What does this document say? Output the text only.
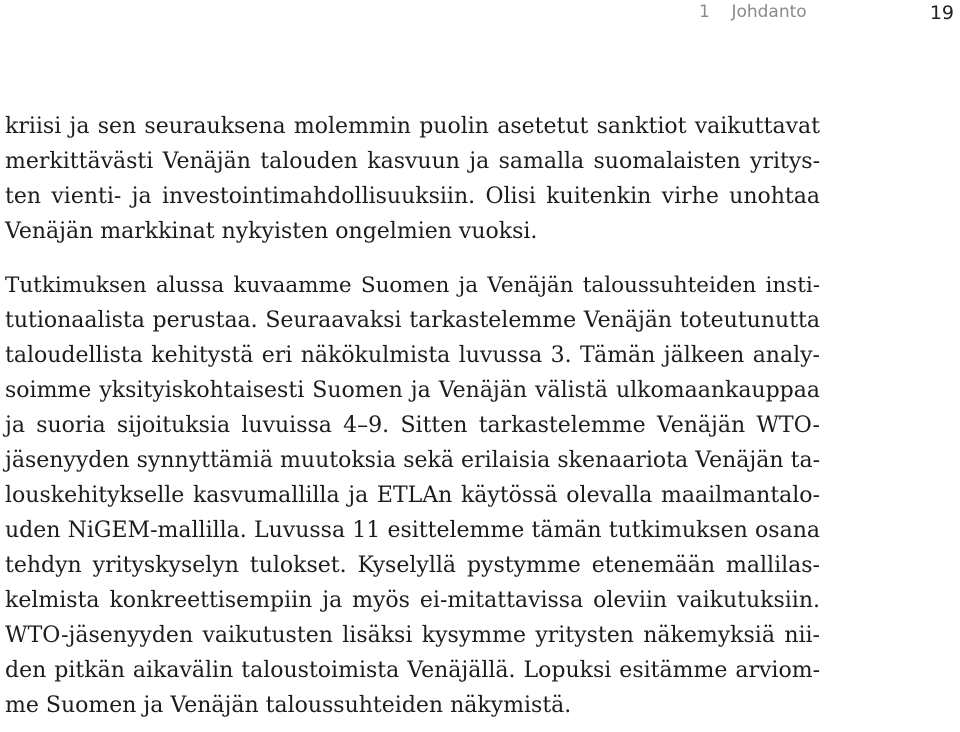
1 Johdanto	19

kriisi ja sen seurauksena molemmin puolin asetetut sanktiot vaikuttavat
merkittävästi Venäjän talouden kasvuun ja samalla suomalaisten yritys-
ten vienti- ja investointimahdollisuuksiin. Olisi kuitenkin virhe unohtaa
Venäjän markkinat nykyisten ongelmien vuoksi.

Tutkimuksen alussa kuvaamme Suomen ja Venäjän taloussuhteiden insti-
tutionaalista perustaa. Seuraavaksi tarkastelemme Venäjän toteutunutta
taloudellista kehitystä eri näkökulmista luvussa 3. Tämän jälkeen analy-
soimme yksityiskohtaisesti Suomen ja Venäjän välistä ulkomaankauppaa
ja suoria sijoituksia luvuissa 4–9. Sitten tarkastelemme Venäjän WTO-
jäsenyyden synnyttämiä muutoksia sekä erilaisia skenaariota Venäjän ta-
louskehitykselle kasvumallilla ja ETLAn käytössä olevalla maailmantalo-
uden NiGEM-mallilla. Luvussa 11 esittelemme tämän tutkimuksen osana
tehdyn yrityskyselyn tulokset. Kyselyllä pystymme etenemään mallilas-
kelmista konkreettisempiin ja myös ei-mitattavissa oleviin vaikutuksiin.
WTO-jäsenyyden vaikutusten lisäksi kysymme yritysten näkemyksiä nii-
den pitkän aikavälin taloustoimista Venäjällä. Lopuksi esitämme arviom-
me Suomen ja Venäjän taloussuhteiden näkymistä.
